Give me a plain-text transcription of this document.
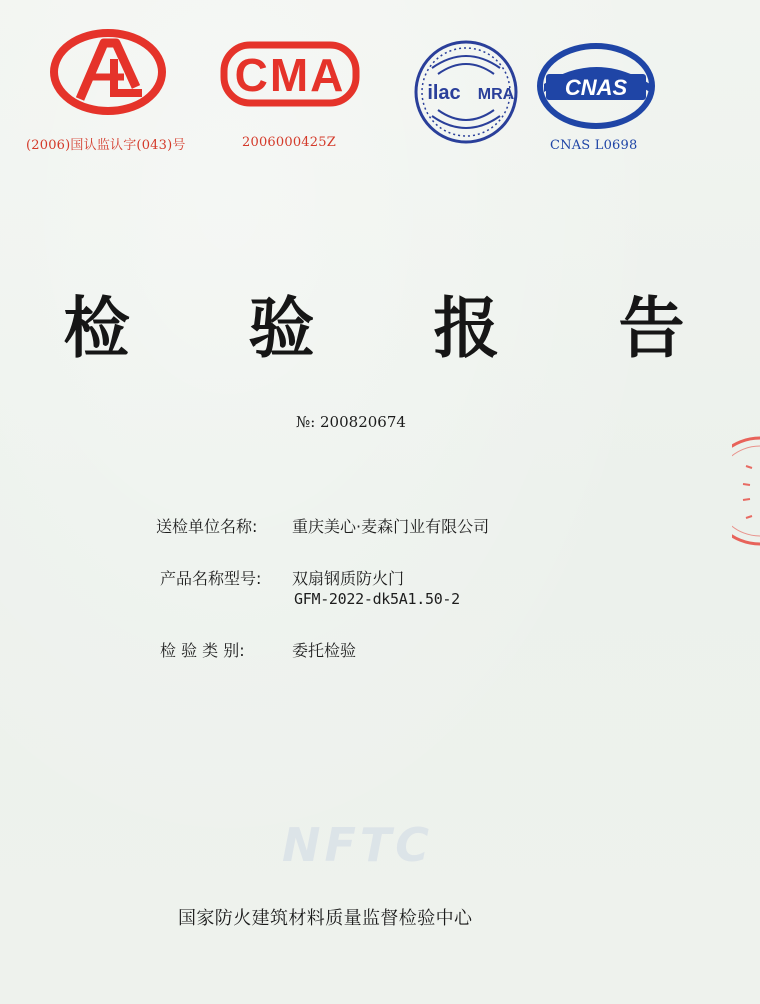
CMA	ilac MRA CNAS
(2006)国认监认字(043)号	2006000425Z	CNAS L0698
检 验 报 告
№: 200820674
送检单位名称: 重庆美心·麦森门业有限公司
产品名称型号: 双扇钢质防火门
GFM-2022-dk5A1.50-2
检 验 类 别:	委托检验
NFTC
国家防火建筑材料质量监督检验中心
